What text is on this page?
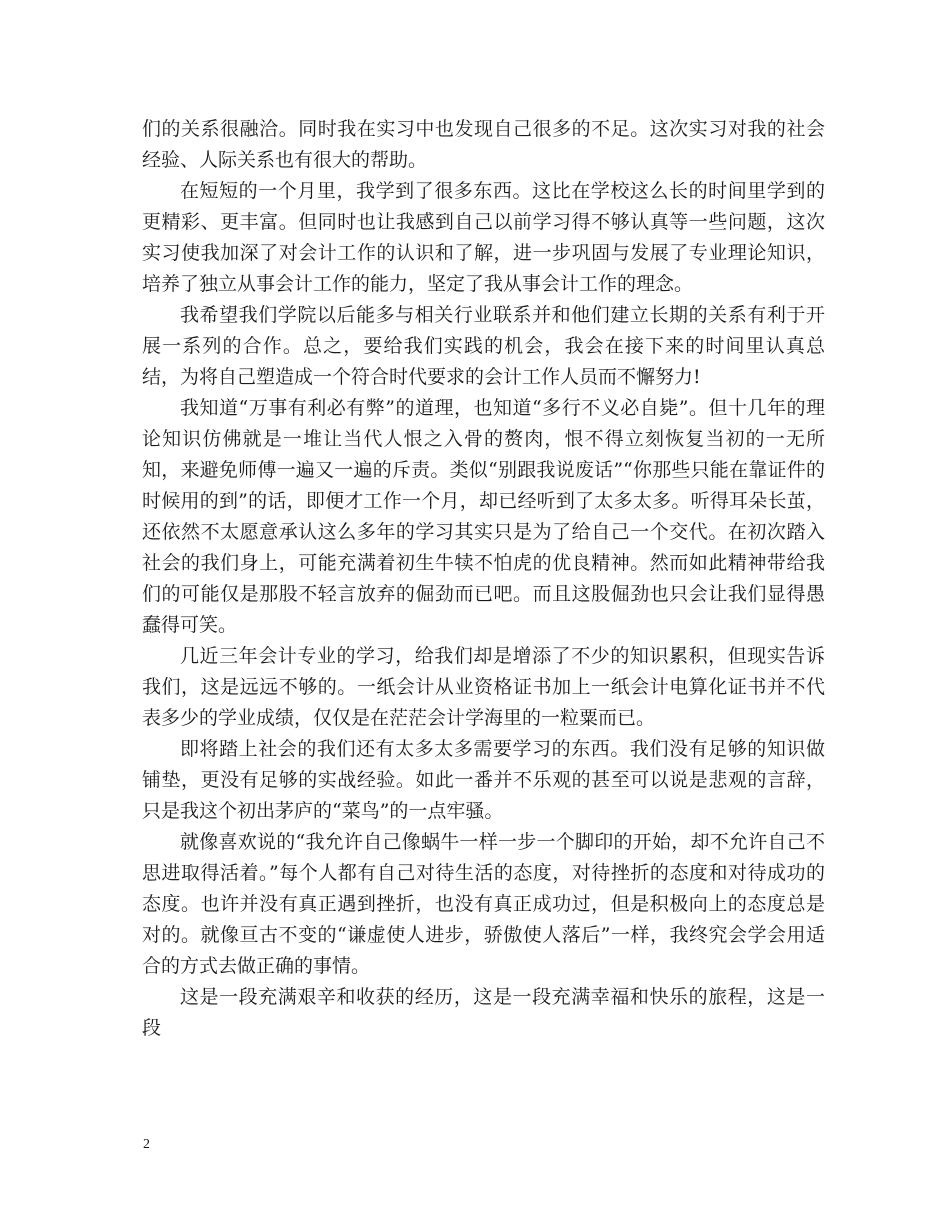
们的关系很融洽。同时我在实习中也发现自己很多的不足。这次实习对我的社会经验、人际关系也有很大的帮助。

在短短的一个月里，我学到了很多东西。这比在学校这么长的时间里学到的更精彩、更丰富。但同时也让我感到自己以前学习得不够认真等一些问题，这次实习使我加深了对会计工作的认识和了解，进一步巩固与发展了专业理论知识，培养了独立从事会计工作的能力，坚定了我从事会计工作的理念。

我希望我们学院以后能多与相关行业联系并和他们建立长期的关系有利于开展一系列的合作。总之，要给我们实践的机会，我会在接下来的时间里认真总结，为将自己塑造成一个符合时代要求的会计工作人员而不懈努力!

我知道“万事有利必有弊”的道理，也知道“多行不义必自毙”。但十几年的理论知识仿佛就是一堆让当代人恨之入骨的赘肉，恨不得立刻恢复当初的一无所知，来避免师傅一遍又一遍的斥责。类似“别跟我说废话”“你那些只能在靠证件的时候用的到”的话，即便才工作一个月，却已经听到了太多太多。听得耳朵长茧，还依然不太愿意承认这么多年的学习其实只是为了给自己一个交代。在初次踏入社会的我们身上，可能充满着初生牛犊不怕虎的优良精神。然而如此精神带给我们的可能仅是那股不轻言放弃的倔劲而已吧。而且这股倔劲也只会让我们显得愚蠢得可笑。

几近三年会计专业的学习，给我们却是增添了不少的知识累积，但现实告诉我们，这是远远不够的。一纸会计从业资格证书加上一纸会计电算化证书并不代表多少的学业成绩，仅仅是在茫茫会计学海里的一粒粟而已。

即将踏上社会的我们还有太多太多需要学习的东西。我们没有足够的知识做铺垫，更没有足够的实战经验。如此一番并不乐观的甚至可以说是悲观的言辞，只是我这个初出茅庐的“菜鸟”的一点牢骚。

就像喜欢说的“我允许自己像蜗牛一样一步一个脚印的开始，却不允许自己不思进取得活着。”每个人都有自己对待生活的态度，对待挫折的态度和对待成功的态度。也许并没有真正遇到挫折，也没有真正成功过，但是积极向上的态度总是对的。就像亘古不变的“谦虚使人进步，骄傲使人落后”一样，我终究会学会用适合的方式去做正确的事情。

这是一段充满艰辛和收获的经历，这是一段充满幸福和快乐的旅程，这是一段

2
